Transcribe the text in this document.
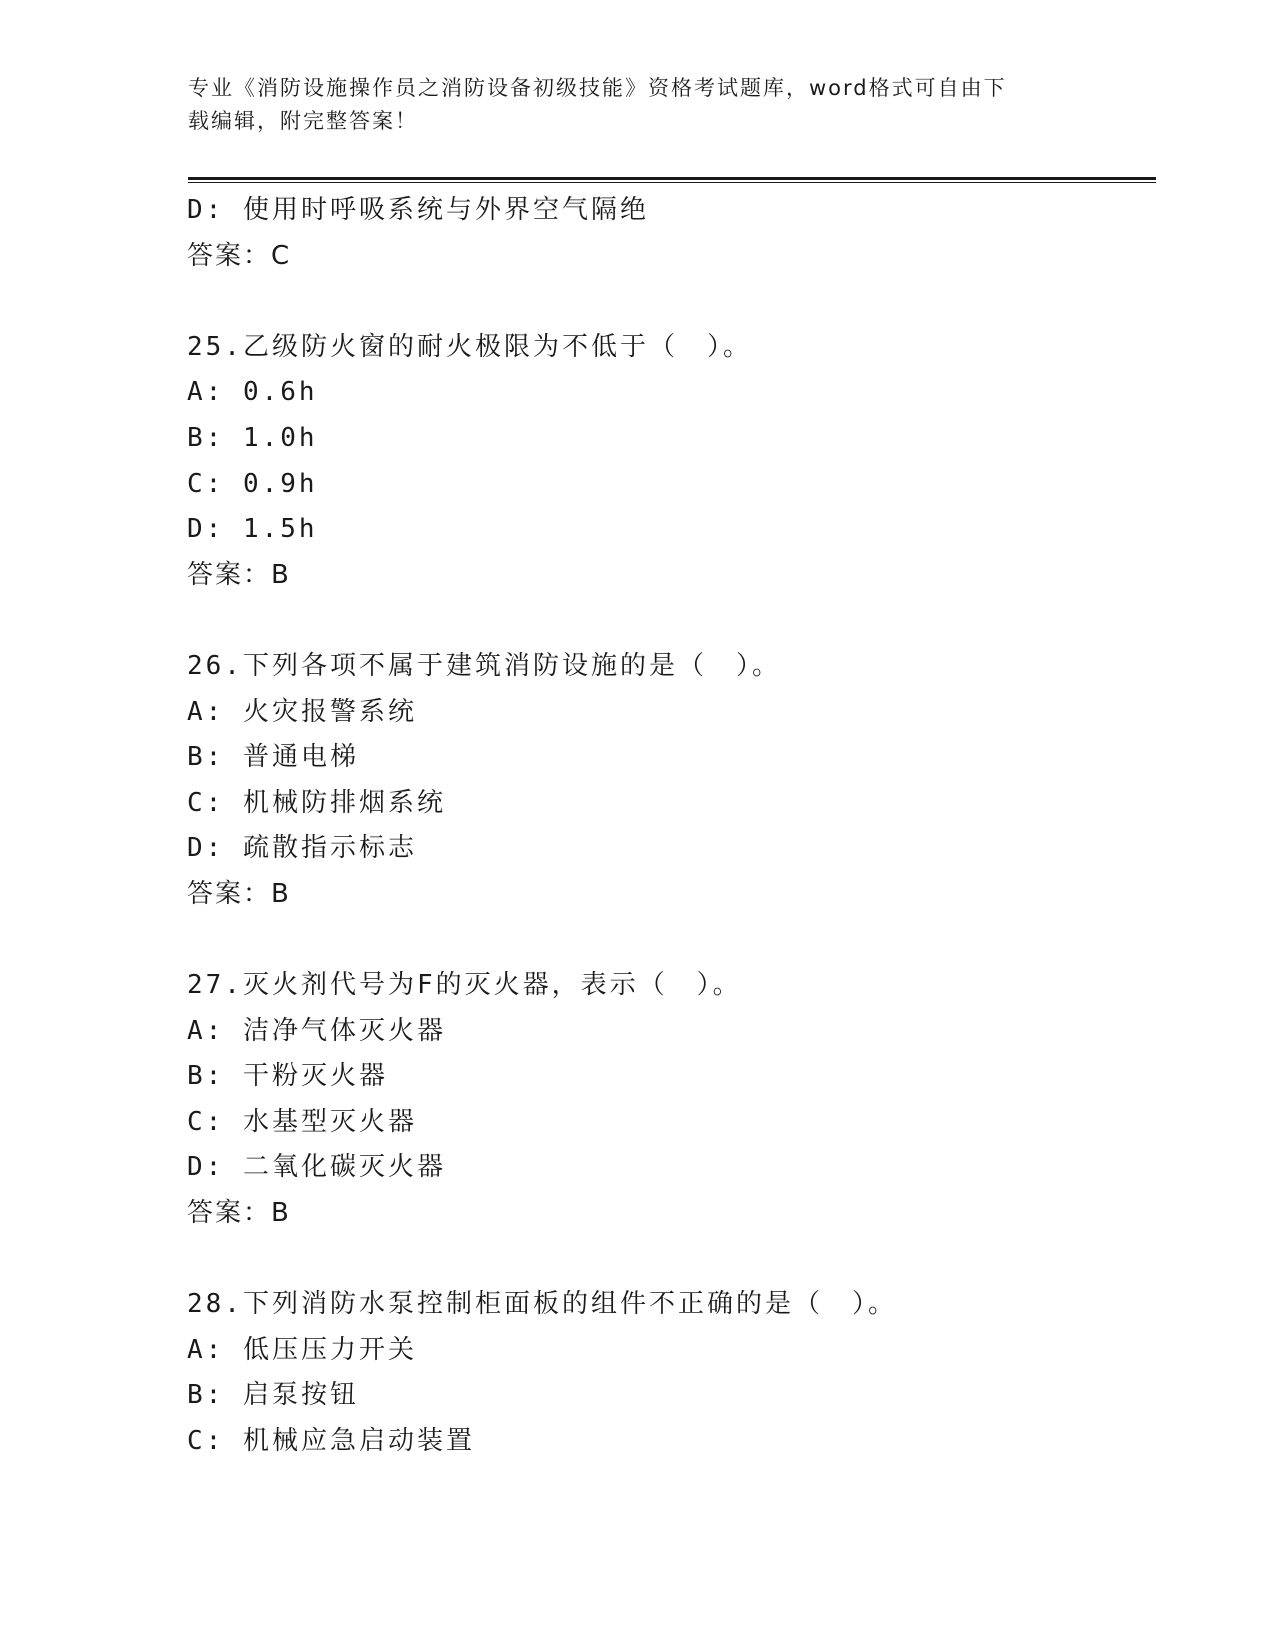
专业《消防设施操作员之消防设备初级技能》资格考试题库，word格式可自由下
载编辑，附完整答案！
D: 使用时呼吸系统与外界空气隔绝
答案：C
25.乙级防火窗的耐火极限为不低于（　）。
A: 0.6h
B: 1.0h
C: 0.9h
D: 1.5h
答案：B
26.下列各项不属于建筑消防设施的是（　）。
A: 火灾报警系统
B: 普通电梯
C: 机械防排烟系统
D: 疏散指示标志
答案：B
27.灭火剂代号为F的灭火器，表示（　）。
A: 洁净气体灭火器
B: 干粉灭火器
C: 水基型灭火器
D: 二氧化碳灭火器
答案：B
28.下列消防水泵控制柜面板的组件不正确的是（　）。
A: 低压压力开关
B: 启泵按钮
C: 机械应急启动装置
